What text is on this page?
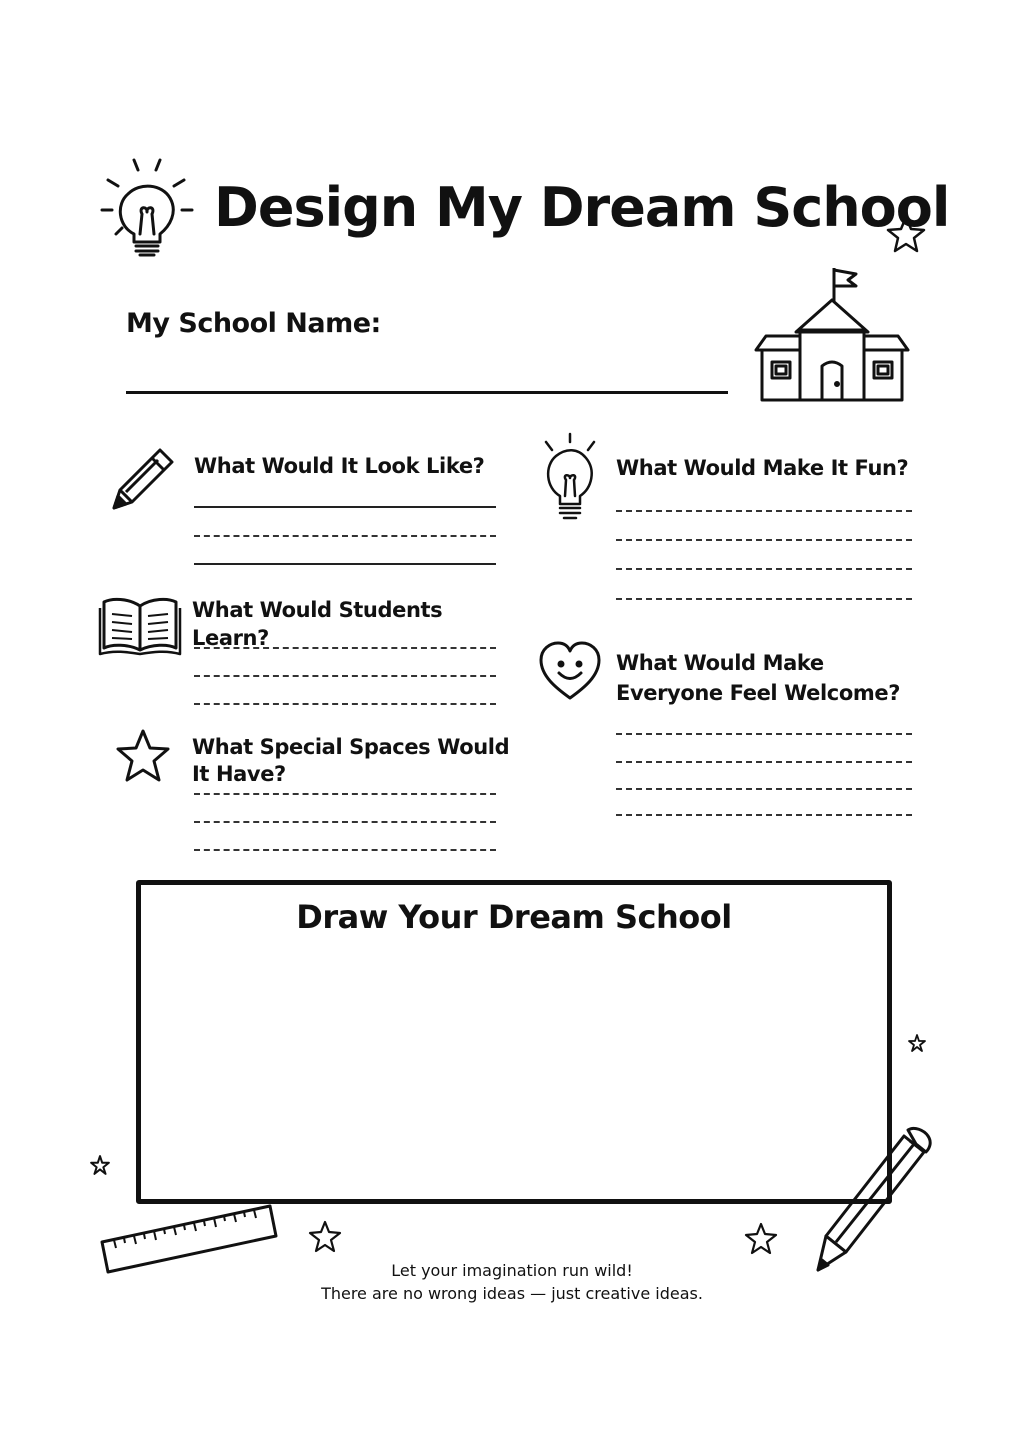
Design My Dream School
My School Name:
What Would It Look Like?
What Would Students Learn?
What Special Spaces Would It Have?
What Would Make It Fun?
What Would Make Everyone Feel Welcome?
Draw Your Dream School
Let your imagination run wild!
There are no wrong ideas — just creative ideas.
